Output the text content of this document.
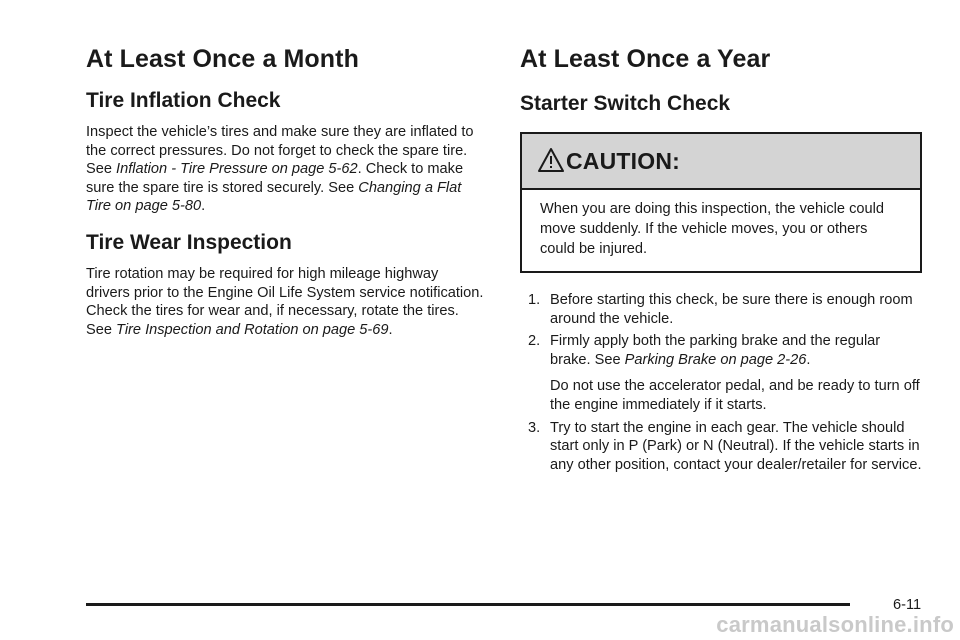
At Least Once a Month
Tire Inflation Check

Inspect the vehicle’s tires and make sure they are inflated to the correct pressures. Do not forget to check the spare tire. See Inflation - Tire Pressure on page 5-62. Check to make sure the spare tire is stored securely. See Changing a Flat Tire on page 5-80.

Tire Wear Inspection

Tire rotation may be required for high mileage highway drivers prior to the Engine Oil Life System service notification. Check the tires for wear and, if necessary, rotate the tires. See Tire Inspection and Rotation on page 5-69.

At Least Once a Year
Starter Switch Check
CAUTION:
When you are doing this inspection, the vehicle could move suddenly. If the vehicle moves, you or others could be injured.
1. Before starting this check, be sure there is enough room around the vehicle.
2. Firmly apply both the parking brake and the regular brake. See Parking Brake on page 2-26.

Do not use the accelerator pedal, and be ready to turn off the engine immediately if it starts.

3. Try to start the engine in each gear. The vehicle should start only in P (Park) or N (Neutral). If the vehicle starts in any other position, contact your dealer/retailer for service.
6-11
carmanualsonline.info
